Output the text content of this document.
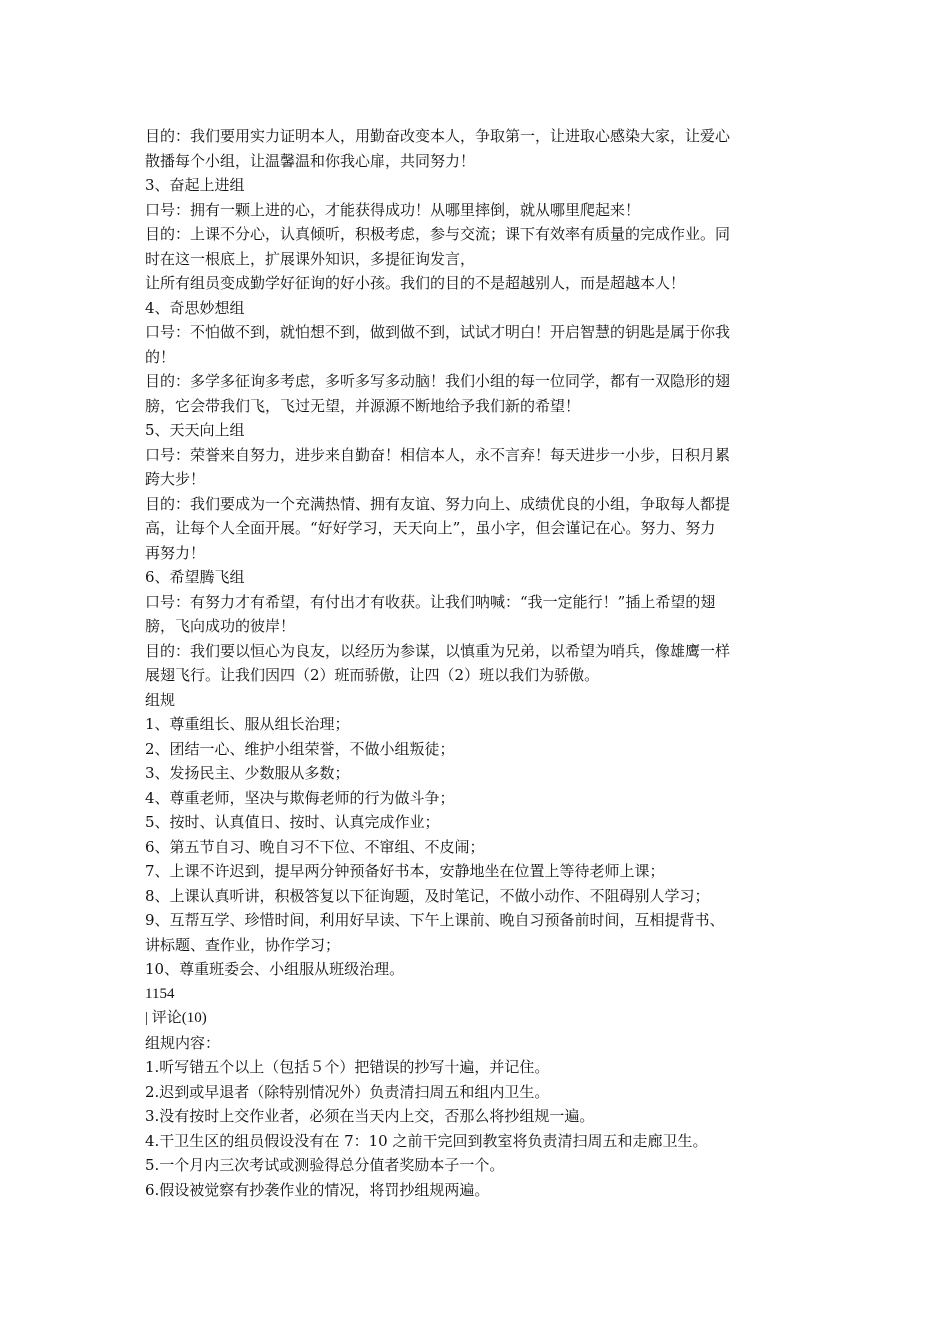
目的：我们要用实力证明本人，用勤奋改变本人，争取第一，让进取心感染大家，让爱心
散播每个小组，让温馨温和你我心扉，共同努力！
3、奋起上进组
口号：拥有一颗上进的心，才能获得成功！从哪里摔倒，就从哪里爬起来！
目的：上课不分心，认真倾听，积极考虑，参与交流；课下有效率有质量的完成作业。同
时在这一根底上，扩展课外知识，多提征询发言，
让所有组员变成勤学好征询的好小孩。我们的目的不是超越别人，而是超越本人！
4、奇思妙想组
口号：不怕做不到，就怕想不到，做到做不到，试试才明白！开启智慧的钥匙是属于你我
的！
目的：多学多征询多考虑，多听多写多动脑！我们小组的每一位同学，都有一双隐形的翅
膀，它会带我们飞，飞过无望，并源源不断地给予我们新的希望！
5、天天向上组
口号：荣誉来自努力，进步来自勤奋！相信本人，永不言弃！每天进步一小步，日积月累
跨大步！
目的：我们要成为一个充满热情、拥有友谊、努力向上、成绩优良的小组，争取每人都提
高，让每个人全面开展。“好好学习，天天向上”，虽小字，但会谨记在心。努力、努力
再努力！
6、希望腾飞组
口号：有努力才有希望，有付出才有收获。让我们呐喊：“我一定能行！”插上希望的翅
膀，飞向成功的彼岸！
目的：我们要以恒心为良友，以经历为参谋，以慎重为兄弟，以希望为哨兵，像雄鹰一样
展翅飞行。让我们因四（2）班而骄傲，让四（2）班以我们为骄傲。
组规
1、尊重组长、服从组长治理；
2、团结一心、维护小组荣誉，不做小组叛徒；
3、发扬民主、少数服从多数；
4、尊重老师，坚决与欺侮老师的行为做斗争；
5、按时、认真值日、按时、认真完成作业；
6、第五节自习、晚自习不下位、不窜组、不皮闹；
7、上课不许迟到，提早两分钟预备好书本，安静地坐在位置上等待老师上课；
8、上课认真听讲，积极答复以下征询题，及时笔记，不做小动作、不阻碍别人学习；
9、互帮互学、珍惜时间，利用好早读、下午上课前、晚自习预备前时间，互相提背书、
讲标题、查作业，协作学习；
10、尊重班委会、小组服从班级治理。
1154
| 评论(10)
组规内容：
1.听写错五个以上（包括５个）把错误的抄写十遍，并记住。
2.迟到或早退者（除特别情况外）负责清扫周五和组内卫生。
3.没有按时上交作业者，必须在当天内上交，否那么将抄组规一遍。
4.干卫生区的组员假设没有在 7：10 之前干完回到教室将负责清扫周五和走廊卫生。
5.一个月内三次考试或测验得总分值者奖励本子一个。
6.假设被觉察有抄袭作业的情况，将罚抄组规两遍。
